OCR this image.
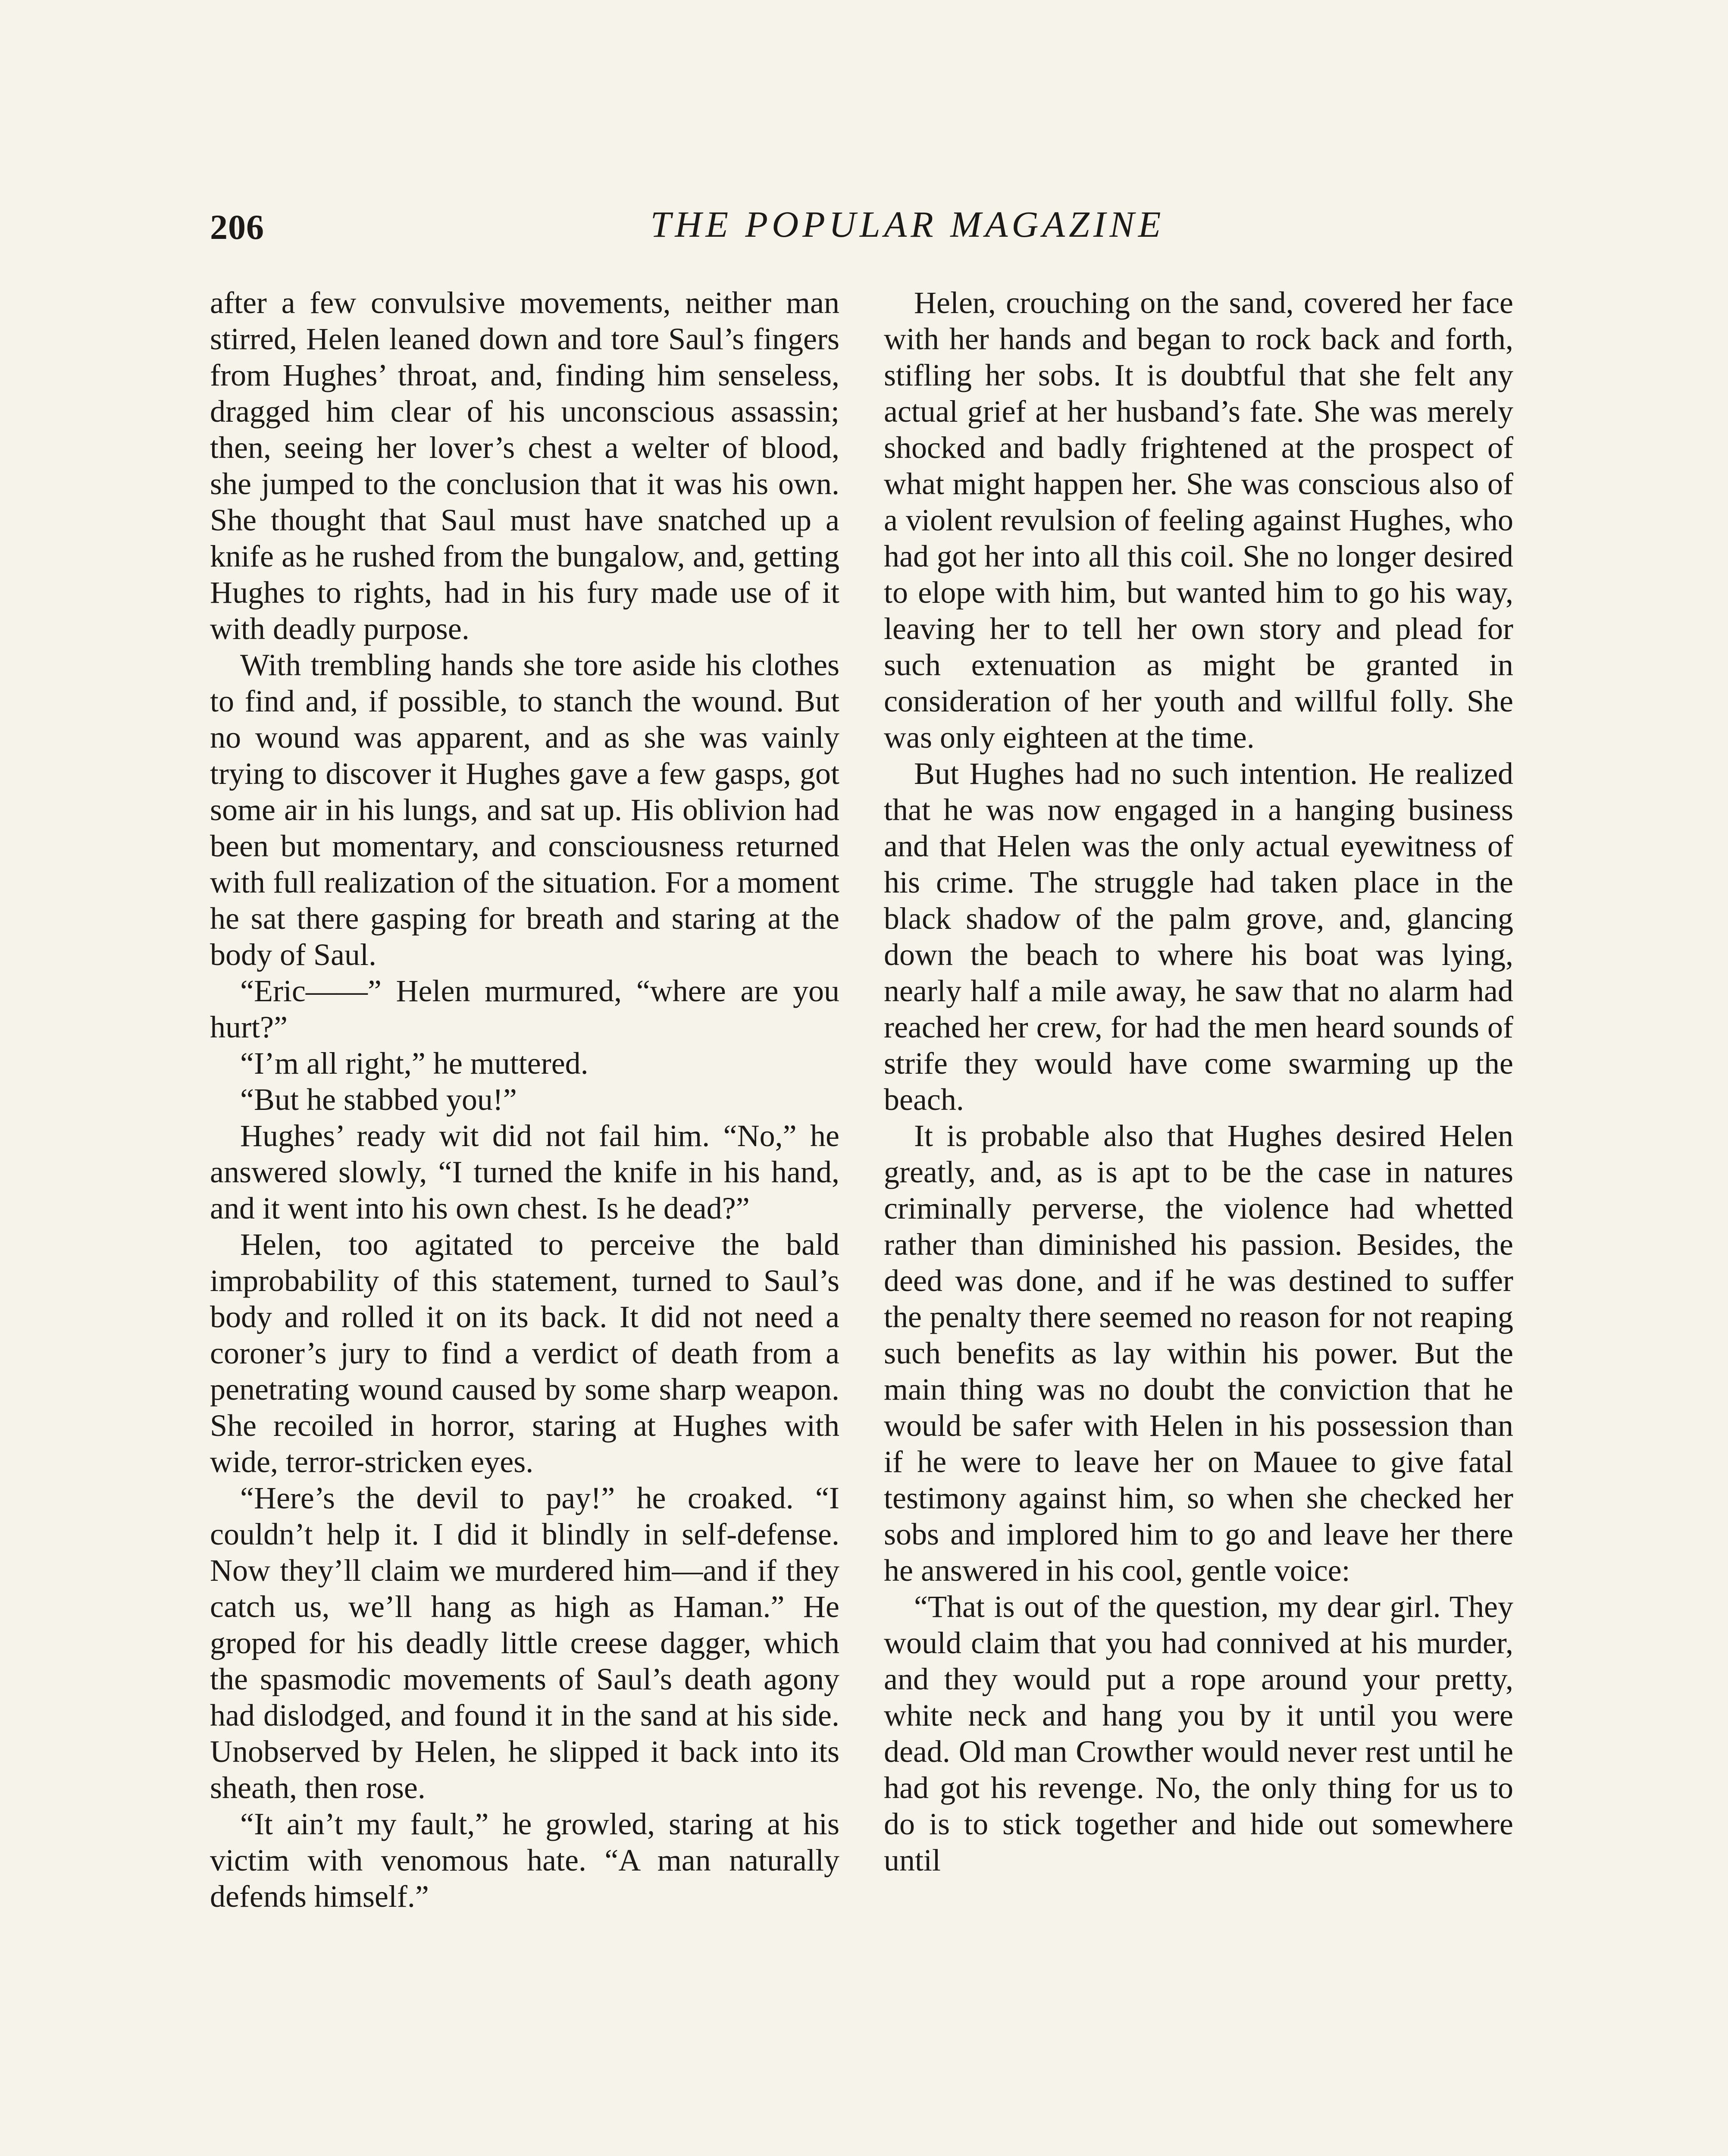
206	THE POPULAR MAGAZINE

after a few convulsive movements, neither man stirred, Helen leaned down and tore Saul’s fingers from Hughes’ throat, and, finding him senseless, dragged him clear of his unconscious assassin; then, seeing her lover’s chest a welter of blood, she jumped to the conclusion that it was his own. She thought that Saul must have snatched up a knife as he rushed from the bungalow, and, getting Hughes to rights, had in his fury made use of it with deadly purpose.

With trembling hands she tore aside his clothes to find and, if possible, to stanch the wound. But no wound was apparent, and as she was vainly trying to discover it Hughes gave a few gasps, got some air in his lungs, and sat up. His oblivion had been but momentary, and consciousness returned with full realization of the situation. For a moment he sat there gasping for breath and staring at the body of Saul.

“Eric——” Helen murmured, “where are you hurt?”

“I’m all right,” he muttered.

“But he stabbed you!”

Hughes’ ready wit did not fail him. “No,” he answered slowly, “I turned the knife in his hand, and it went into his own chest. Is he dead?”

Helen, too agitated to perceive the bald improbability of this statement, turned to Saul’s body and rolled it on its back. It did not need a coroner’s jury to find a verdict of death from a penetrating wound caused by some sharp weapon. She recoiled in horror, staring at Hughes with wide, terror-stricken eyes.

“Here’s the devil to pay!” he croaked. “I couldn’t help it. I did it blindly in self-defense. Now they’ll claim we murdered him—and if they catch us, we’ll hang as high as Haman.” He groped for his deadly little creese dagger, which the spasmodic movements of Saul’s death agony had dislodged, and found it in the sand at his side. Unobserved by Helen, he slipped it back into its sheath, then rose.

“It ain’t my fault,” he growled, staring at his victim with venomous hate. “A man naturally defends himself.”

Helen, crouching on the sand, covered her face with her hands and began to rock back and forth, stifling her sobs. It is doubtful that she felt any actual grief at her husband’s fate. She was merely shocked and badly frightened at the prospect of what might happen her. She was conscious also of a violent revulsion of feeling against Hughes, who had got her into all this coil. She no longer desired to elope with him, but wanted him to go his way, leaving her to tell her own story and plead for such extenuation as might be granted in consideration of her youth and willful folly. She was only eighteen at the time.

But Hughes had no such intention. He realized that he was now engaged in a hanging business and that Helen was the only actual eyewitness of his crime. The struggle had taken place in the black shadow of the palm grove, and, glancing down the beach to where his boat was lying, nearly half a mile away, he saw that no alarm had reached her crew, for had the men heard sounds of strife they would have come swarming up the beach.

It is probable also that Hughes desired Helen greatly, and, as is apt to be the case in natures criminally perverse, the violence had whetted rather than diminished his passion. Besides, the deed was done, and if he was destined to suffer the penalty there seemed no reason for not reaping such benefits as lay within his power. But the main thing was no doubt the conviction that he would be safer with Helen in his possession than if he were to leave her on Mauee to give fatal testimony against him, so when she checked her sobs and implored him to go and leave her there he answered in his cool, gentle voice:

“That is out of the question, my dear girl. They would claim that you had connived at his murder, and they would put a rope around your pretty, white neck and hang you by it until you were dead. Old man Crowther would never rest until he had got his revenge. No, the only thing for us to do is to stick together and hide out somewhere until
